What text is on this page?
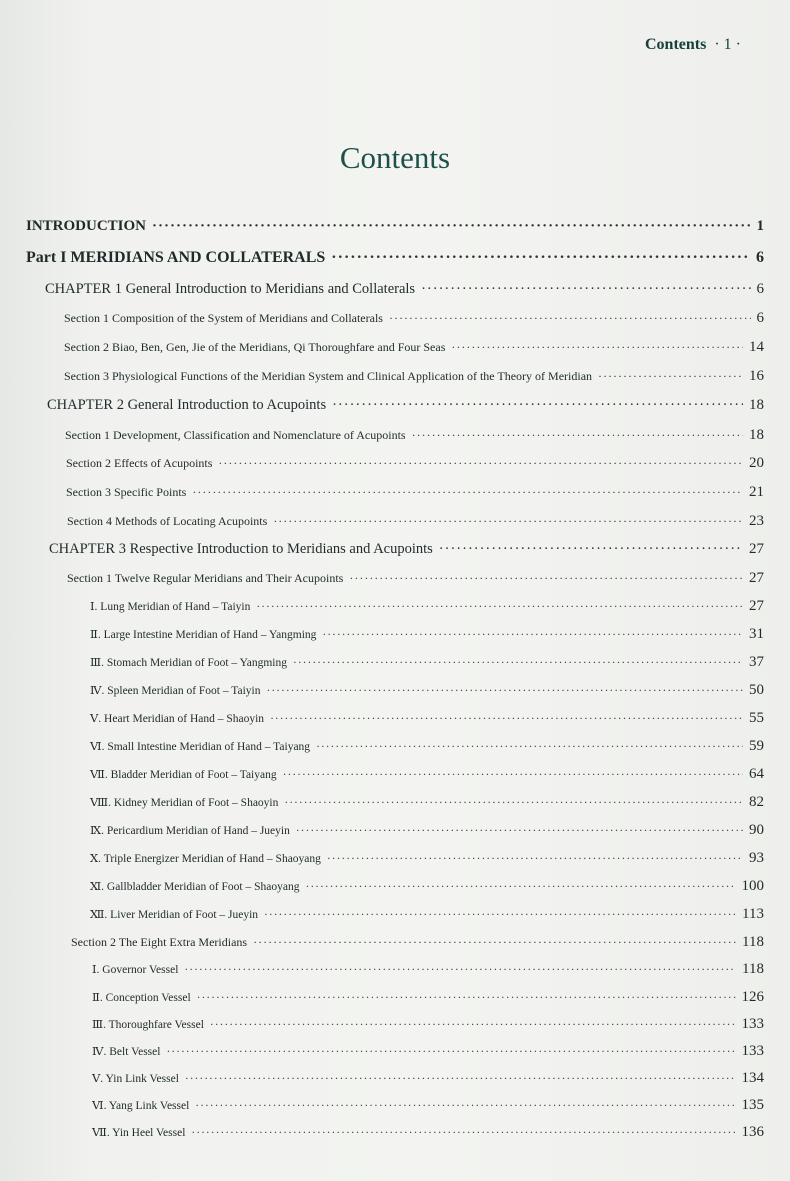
Contents · 1 ·
Contents
INTRODUCTION ·····	1
Part I MERIDIANS AND COLLATERALS ·····	6
CHAPTER 1 General Introduction to Meridians and Collaterals ·····	6
Section 1 Composition of the System of Meridians and Collaterals ·····	6
Section 2 Biao, Ben, Gen, Jie of the Meridians, Qi Thoroughfare and Four Seas ·····	14
Section 3 Physiological Functions of the Meridian System and Clinical Application of the Theory of Meridian ·····	16
CHAPTER 2 General Introduction to Acupoints ·····	18
Section 1 Development, Classification and Nomenclature of Acupoints ·····	18
Section 2 Effects of Acupoints ·····	20
Section 3 Specific Points ·····	21
Section 4 Methods of Locating Acupoints ·····	23
CHAPTER 3 Respective Introduction to Meridians and Acupoints ·····	27
Section 1 Twelve Regular Meridians and Their Acupoints ·····	27
Ⅰ. Lung Meridian of Hand – Taiyin ·····	27
Ⅱ. Large Intestine Meridian of Hand – Yangming ·····	31
Ⅲ. Stomach Meridian of Foot – Yangming ·····	37
Ⅳ. Spleen Meridian of Foot – Taiyin ·····	50
Ⅴ. Heart Meridian of Hand – Shaoyin ·····	55
Ⅵ. Small Intestine Meridian of Hand – Taiyang ·····	59
Ⅶ. Bladder Meridian of Foot – Taiyang ·····	64
Ⅷ. Kidney Meridian of Foot – Shaoyin ·····	82
Ⅸ. Pericardium Meridian of Hand – Jueyin ·····	90
Ⅹ. Triple Energizer Meridian of Hand – Shaoyang ·····	93
Ⅺ. Gallbladder Meridian of Foot – Shaoyang ·····	100
Ⅻ. Liver Meridian of Foot – Jueyin ·····	113
Section 2 The Eight Extra Meridians ·····	118
Ⅰ. Governor Vessel ·····	118
Ⅱ. Conception Vessel ·····	126
Ⅲ. Thoroughfare Vessel ·····	133
Ⅳ. Belt Vessel ·····	133
Ⅴ. Yin Link Vessel ·····	134
Ⅵ. Yang Link Vessel ·····	135
Ⅶ. Yin Heel Vessel ·····	136
